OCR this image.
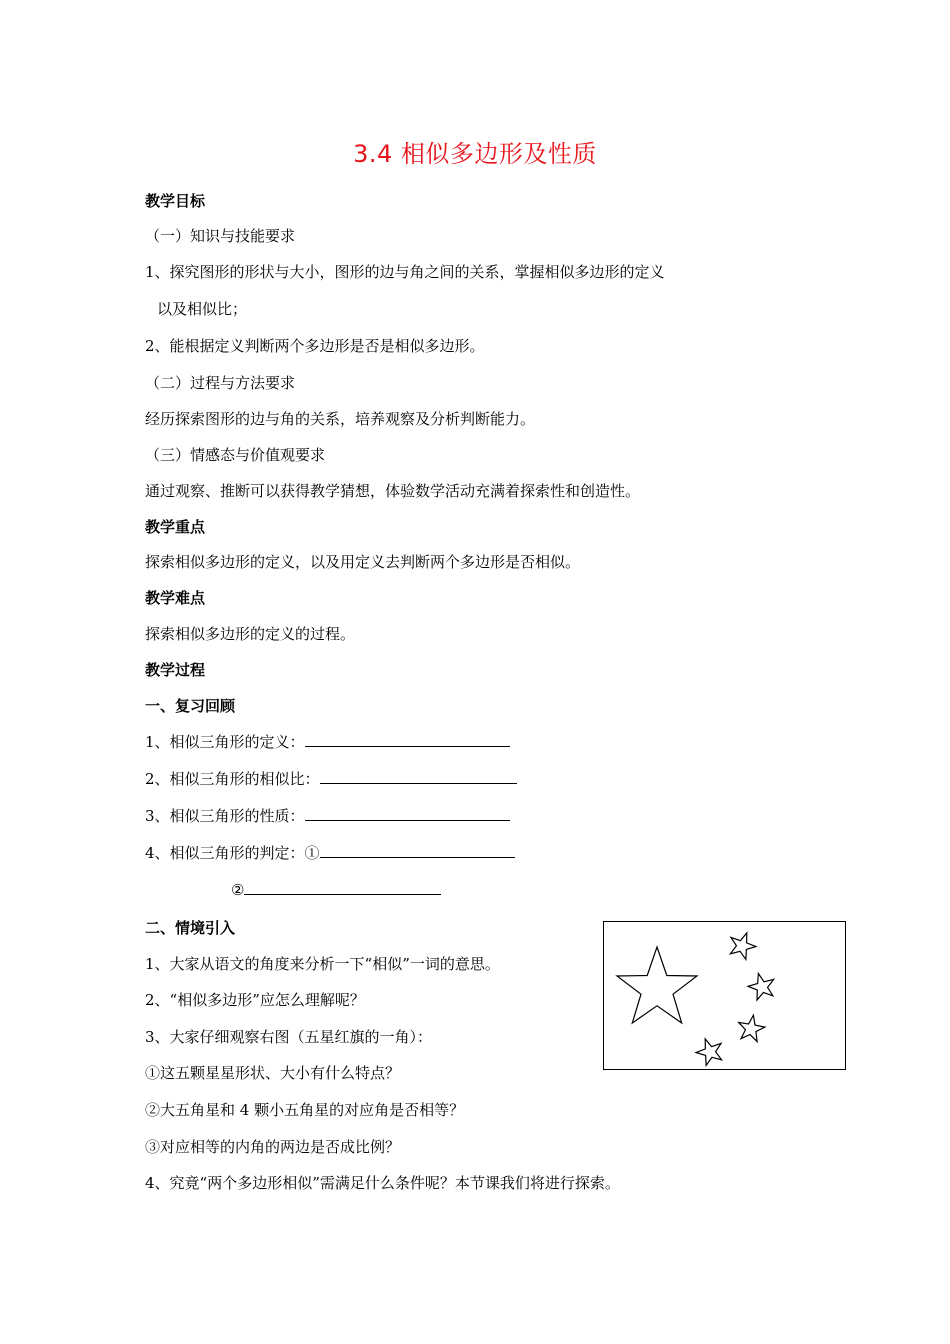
3.4 相似多边形及性质
教学目标
（一）知识与技能要求
1、探究图形的形状与大小，图形的边与角之间的关系，掌握相似多边形的定义
以及相似比；
2、能根据定义判断两个多边形是否是相似多边形。
（二）过程与方法要求
经历探索图形的边与角的关系，培养观察及分析判断能力。
（三）情感态与价值观要求
通过观察、推断可以获得教学猜想，体验数学活动充满着探索性和创造性。
教学重点
探索相似多边形的定义，以及用定义去判断两个多边形是否相似。
教学难点
探索相似多边形的定义的过程。
教学过程
一、复习回顾
1、相似三角形的定义：
2、相似三角形的相似比：
3、相似三角形的性质：
4、相似三角形的判定：①
②
二、情境引入
1、大家从语文的角度来分析一下“相似”一词的意思。
2、“相似多边形”应怎么理解呢？
3、大家仔细观察右图（五星红旗的一角）：
①这五颗星星形状、大小有什么特点？
②大五角星和 4 颗小五角星的对应角是否相等？
③对应相等的内角的两边是否成比例？
4、究竟“两个多边形相似”需满足什么条件呢？本节课我们将进行探索。
